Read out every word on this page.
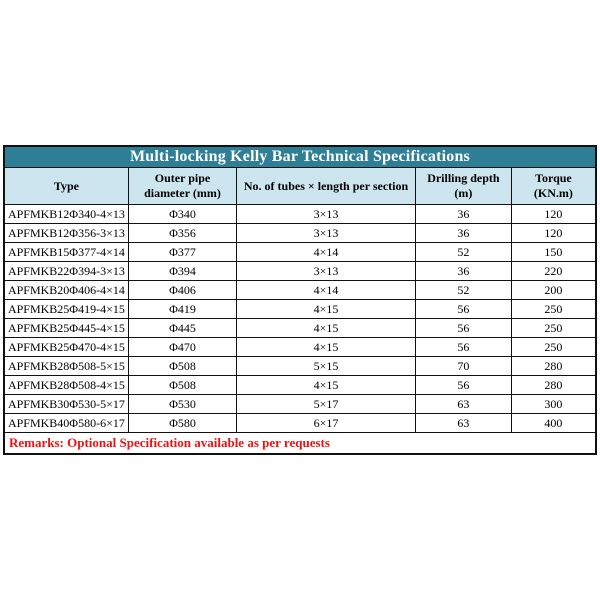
Multi-locking Kelly Bar Technical Specifications				
Type	Outer pipe diameter (mm)	No. of tubes × length per section	Drilling depth (m)	Torque (KN.m)
APFMKB12Φ340-4×13	Φ340	3×13	36	120
APFMKB12Φ356-3×13	Φ356	3×13	36	120
APFMKB15Φ377-4×14	Φ377	4×14	52	150
APFMKB22Φ394-3×13	Φ394	3×13	36	220
APFMKB20Φ406-4×14	Φ406	4×14	52	200
APFMKB25Φ419-4×15	Φ419	4×15	56	250
APFMKB25Φ445-4×15	Φ445	4×15	56	250
APFMKB25Φ470-4×15	Φ470	4×15	56	250
APFMKB28Φ508-5×15	Φ508	5×15	70	280
APFMKB28Φ508-4×15	Φ508	4×15	56	280
APFMKB30Φ530-5×17	Φ530	5×17	63	300
APFMKB40Φ580-6×17	Φ580	6×17	63	400
Remarks: Optional Specification available as per requests				
